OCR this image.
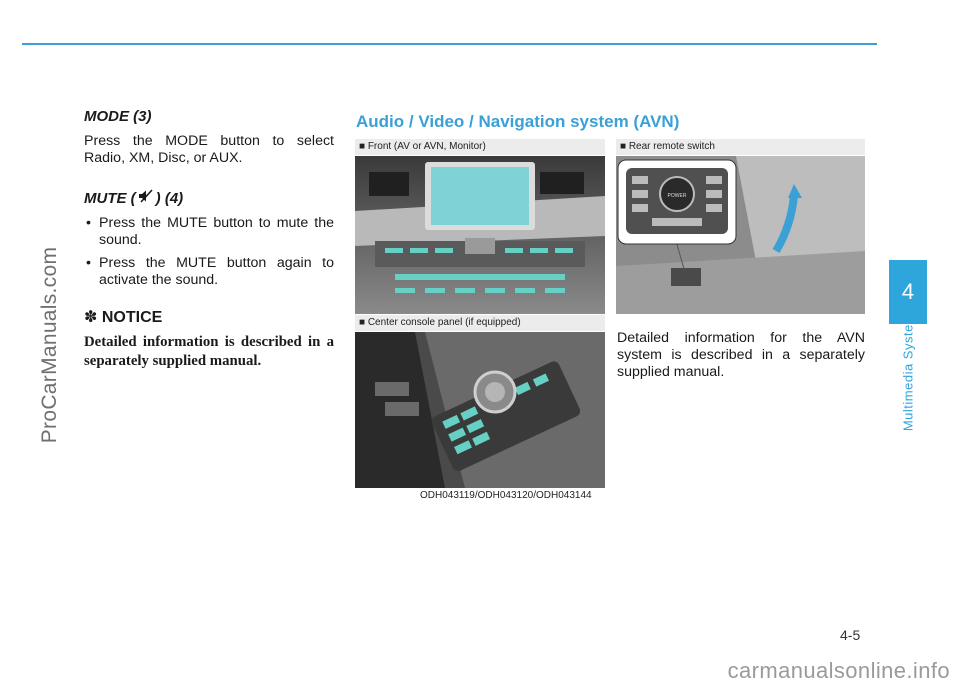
ProCarManuals.com	4
Multimedia System

MODE (3)

Press the MODE button to select Radio, XM, Disc, or AUX.

MUTE ( ) (4)

• Press the MUTE button to mute the sound.
• Press the MUTE button again to activate the sound.

✽ NOTICE

Detailed information is described in a separately supplied manual.

Audio / Video / Navigation system (AVN)
■ Front (AV or AVN, Monitor)
■ Center console panel (if equipped)
ODH043119/ODH043120/ODH043144
■ Rear remote switch
POWER

Detailed information for the AVN system is described in a separately supplied manual.

4-5
carmanualsonline.info
